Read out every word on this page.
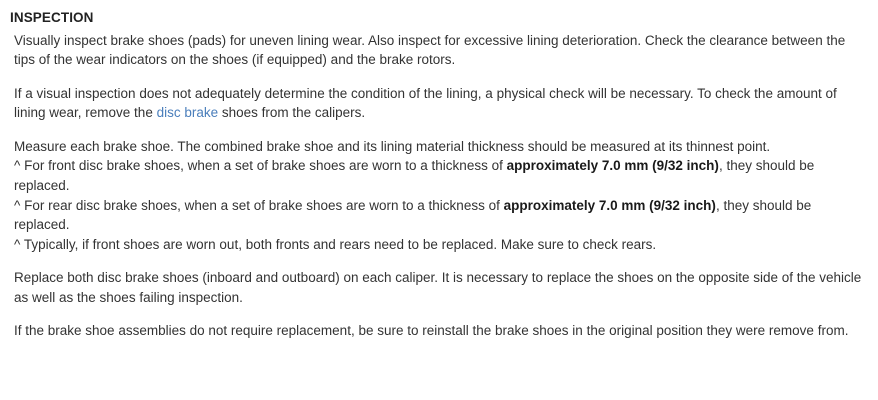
INSPECTION

Visually inspect brake shoes (pads) for uneven lining wear. Also inspect for excessive lining deterioration. Check the clearance between the tips of the wear indicators on the shoes (if equipped) and the brake rotors.

If a visual inspection does not adequately determine the condition of the lining, a physical check will be necessary. To check the amount of lining wear, remove the disc brake shoes from the calipers.

Measure each brake shoe. The combined brake shoe and its lining material thickness should be measured at its thinnest point.

^ For front disc brake shoes, when a set of brake shoes are worn to a thickness of approximately 7.0 mm (9/32 inch), they should be replaced.

^ For rear disc brake shoes, when a set of brake shoes are worn to a thickness of approximately 7.0 mm (9/32 inch), they should be replaced.

^ Typically, if front shoes are worn out, both fronts and rears need to be replaced. Make sure to check rears.

Replace both disc brake shoes (inboard and outboard) on each caliper. It is necessary to replace the shoes on the opposite side of the vehicle as well as the shoes failing inspection.

If the brake shoe assemblies do not require replacement, be sure to reinstall the brake shoes in the original position they were remove from.
